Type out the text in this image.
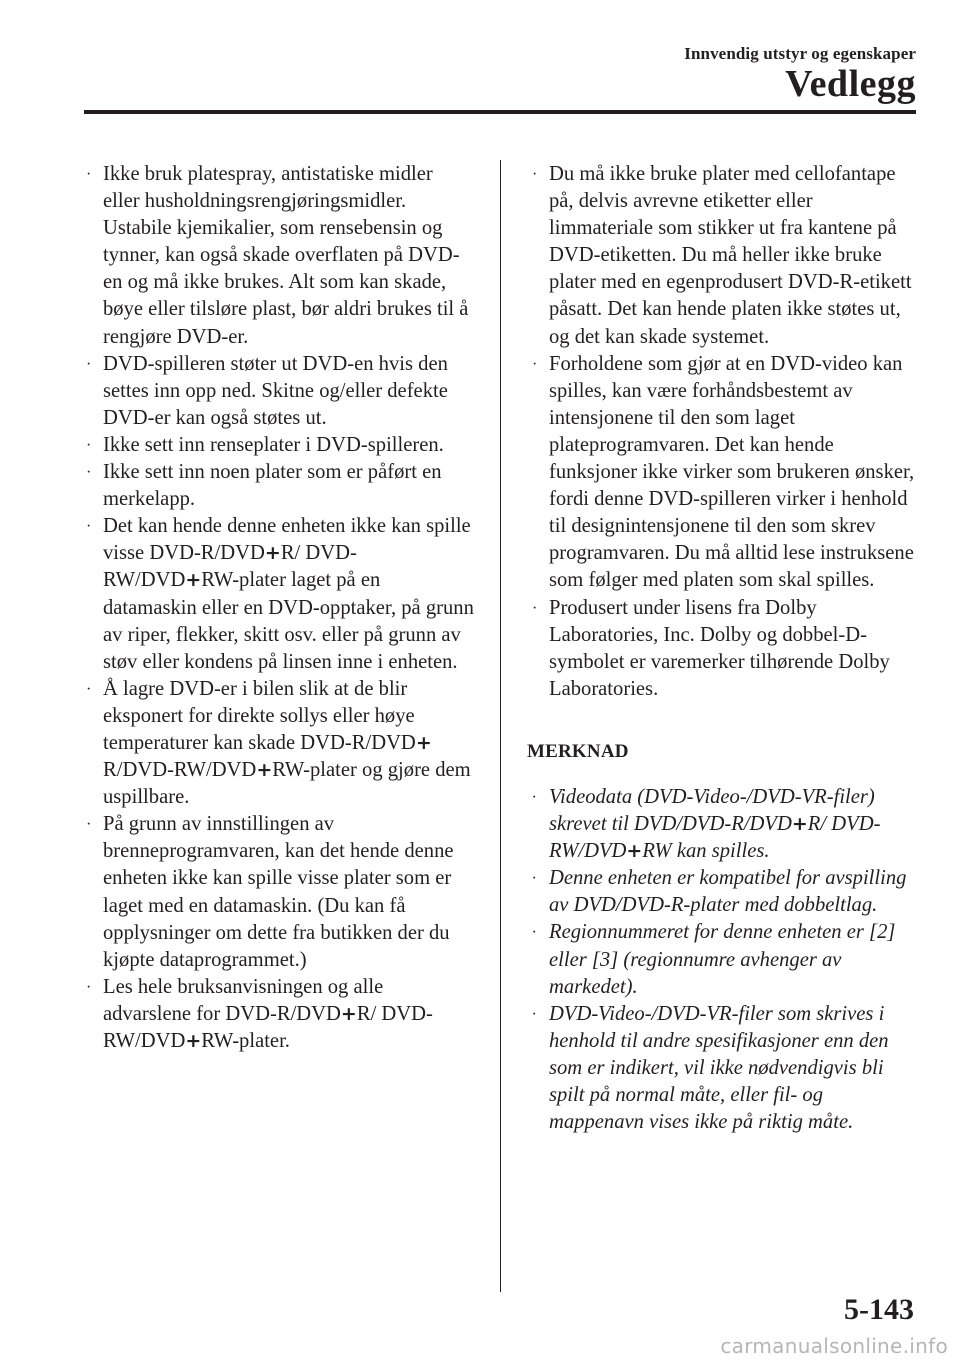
Innvendig utstyr og egenskaper
Vedlegg
· Ikke bruk platespray, antistatiske midler eller husholdningsrengjøringsmidler. Ustabile kjemikalier, som rensebensin og tynner, kan også skade overflaten på DVD-en og må ikke brukes. Alt som kan skade, bøye eller tilsløre plast, bør aldri brukes til å rengjøre DVD-er.
· DVD-spilleren støter ut DVD-en hvis den settes inn opp ned. Skitne og/eller defekte DVD-er kan også støtes ut.
· Ikke sett inn renseplater i DVD-spilleren.
· Ikke sett inn noen plater som er påført en merkelapp.
· Det kan hende denne enheten ikke kan spille visse DVD-R/DVD+R/ DVD-RW/DVD+RW-plater laget på en datamaskin eller en DVD-opptaker, på grunn av riper, flekker, skitt osv. eller på grunn av støv eller kondens på linsen inne i enheten.
· Å lagre DVD-er i bilen slik at de blir eksponert for direkte sollys eller høye temperaturer kan skade DVD-R/DVD+ R/DVD-RW/DVD+RW-plater og gjøre dem uspillbare.
· På grunn av innstillingen av brenneprogramvaren, kan det hende denne enheten ikke kan spille visse plater som er laget med en datamaskin. (Du kan få opplysninger om dette fra butikken der du kjøpte dataprogrammet.)
· Les hele bruksanvisningen og alle advarslene for DVD-R/DVD+R/ DVD-RW/DVD+RW-plater.
· Du må ikke bruke plater med cellofantape på, delvis avrevne etiketter eller limmateriale som stikker ut fra kantene på DVD-etiketten. Du må heller ikke bruke plater med en egenprodusert DVD-R-etikett påsatt. Det kan hende platen ikke støtes ut, og det kan skade systemet.
· Forholdene som gjør at en DVD-video kan spilles, kan være forhåndsbestemt av intensjonene til den som laget plateprogramvaren. Det kan hende funksjoner ikke virker som brukeren ønsker, fordi denne DVD-spilleren virker i henhold til designintensjonene til den som skrev programvaren. Du må alltid lese instruksene som følger med platen som skal spilles.
· Produsert under lisens fra Dolby Laboratories, Inc. Dolby og dobbel-D-symbolet er varemerker tilhørende Dolby Laboratories.
MERKNAD
· Videodata (DVD-Video-/DVD-VR-filer) skrevet til DVD/DVD-R/DVD+R/ DVD-RW/DVD+RW kan spilles.
· Denne enheten er kompatibel for avspilling av DVD/DVD-R-plater med dobbeltlag.
· Regionnummeret for denne enheten er [2] eller [3] (regionnumre avhenger av markedet).
· DVD-Video-/DVD-VR-filer som skrives i henhold til andre spesifikasjoner enn den som er indikert, vil ikke nødvendigvis bli spilt på normal måte, eller fil- og mappenavn vises ikke på riktig måte.
5-143
carmanualsonline.info
